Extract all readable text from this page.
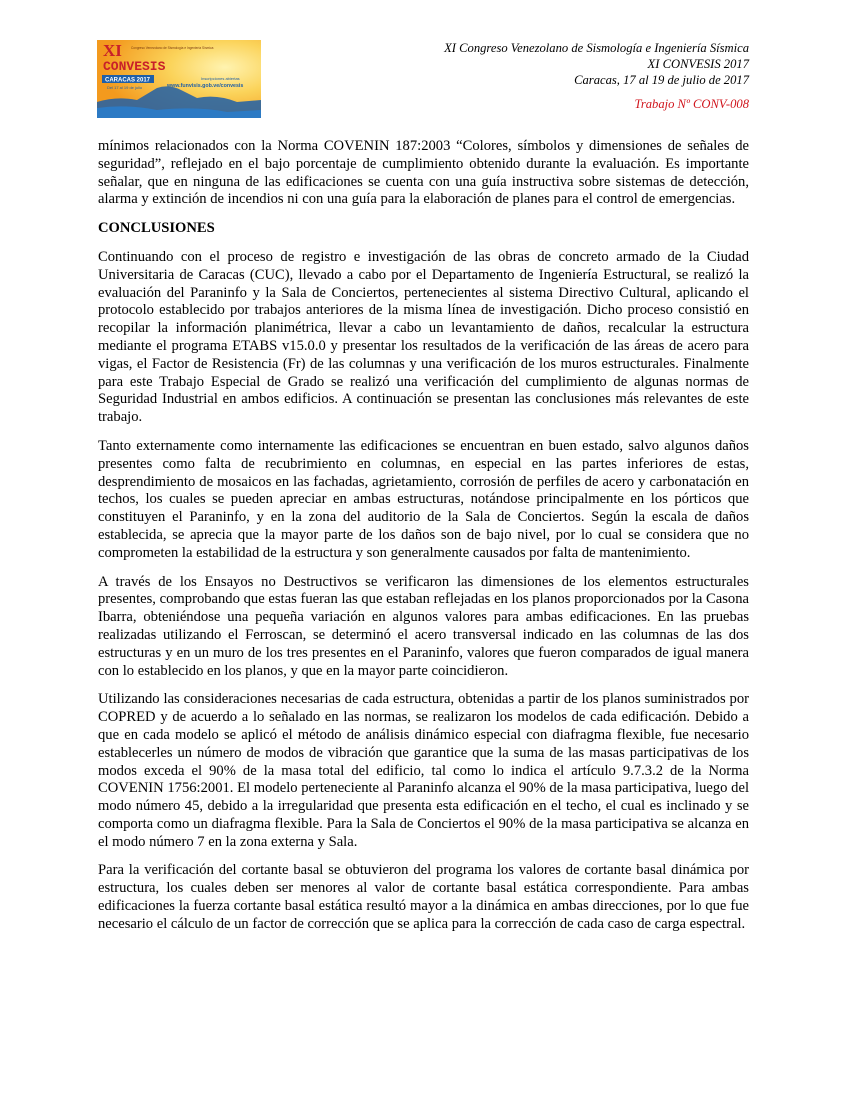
XI
CONVESIS
Congreso Venezolano de Sismología e Ingeniería Sísmica
CARACAS 2017
Del 17 al 19 de julio
Inscripciones abiertas
www.funvisis.gob.ve/convesis
XI Congreso Venezolano de Sismología e Ingeniería Sísmica
XI CONVESIS 2017
Caracas, 17 al 19 de julio de 2017
Trabajo Nº CONV-008

mínimos relacionados con la Norma COVENIN 187:2003 “Colores, símbolos y dimensiones de señales de seguridad”, reflejado en el bajo porcentaje de cumplimiento obtenido durante la evaluación. Es importante señalar, que en ninguna de las edificaciones se cuenta con una guía instructiva sobre sistemas de detección, alarma y extinción de incendios ni con una guía para la elaboración de planes para el control de emergencias.

CONCLUSIONES

Continuando con el proceso de registro e investigación de las obras de concreto armado de la Ciudad Universitaria de Caracas (CUC), llevado a cabo por el Departamento de Ingeniería Estructural, se realizó la evaluación del Paraninfo y la Sala de Conciertos, pertenecientes al sistema Directivo Cultural, aplicando el protocolo establecido por trabajos anteriores de la misma línea de investigación. Dicho proceso consistió en recopilar la información planimétrica, llevar a cabo un levantamiento de daños, recalcular la estructura mediante el programa ETABS v15.0.0 y presentar los resultados de la verificación de las áreas de acero para vigas, el Factor de Resistencia (Fr) de las columnas y una verificación de los muros estructurales. Finalmente para este Trabajo Especial de Grado se realizó una verificación del cumplimiento de algunas normas de Seguridad Industrial en ambos edificios. A continuación se presentan las conclusiones más relevantes de este trabajo.

Tanto externamente como internamente las edificaciones se encuentran en buen estado, salvo algunos daños presentes como falta de recubrimiento en columnas, en especial en las partes inferiores de estas, desprendimiento de mosaicos en las fachadas, agrietamiento, corrosión de perfiles de acero y carbonatación en techos, los cuales se pueden apreciar en ambas estructuras, notándose principalmente en los pórticos que constituyen el Paraninfo, y en la zona del auditorio de la Sala de Conciertos. Según la escala de daños establecida, se aprecia que la mayor parte de los daños son de bajo nivel, por lo cual se considera que no comprometen la estabilidad de la estructura y son generalmente causados por falta de mantenimiento.

A través de los Ensayos no Destructivos se verificaron las dimensiones de los elementos estructurales presentes, comprobando que estas fueran las que estaban reflejadas en los planos proporcionados por la Casona Ibarra, obteniéndose una pequeña variación en algunos valores para ambas edificaciones. En las pruebas realizadas utilizando el Ferroscan, se determinó el acero transversal indicado en las columnas de las dos estructuras y en un muro de los tres presentes en el Paraninfo, valores que fueron comparados de igual manera con lo establecido en los planos, y que en la mayor parte coincidieron.

Utilizando las consideraciones necesarias de cada estructura, obtenidas a partir de los planos suministrados por COPRED y de acuerdo a lo señalado en las normas, se realizaron los modelos de cada edificación. Debido a que en cada modelo se aplicó el método de análisis dinámico especial con diafragma flexible, fue necesario establecerles un número de modos de vibración que garantice que la suma de las masas participativas de los modos exceda el 90% de la masa total del edificio, tal como lo indica el artículo 9.7.3.2 de la Norma COVENIN 1756:2001. El modelo perteneciente al Paraninfo alcanza el 90% de la masa participativa, luego del modo número 45, debido a la irregularidad que presenta esta edificación en el techo, el cual es inclinado y se comporta como un diafragma flexible. Para la Sala de Conciertos el 90% de la masa participativa se alcanza en el modo número 7 en la zona externa y Sala.

Para la verificación del cortante basal se obtuvieron del programa los valores de cortante basal dinámica por estructura, los cuales deben ser menores al valor de cortante basal estática correspondiente. Para ambas edificaciones la fuerza cortante basal estática resultó mayor a la dinámica en ambas direcciones, por lo que fue necesario el cálculo de un factor de corrección que se aplica para la corrección de cada caso de carga espectral.
